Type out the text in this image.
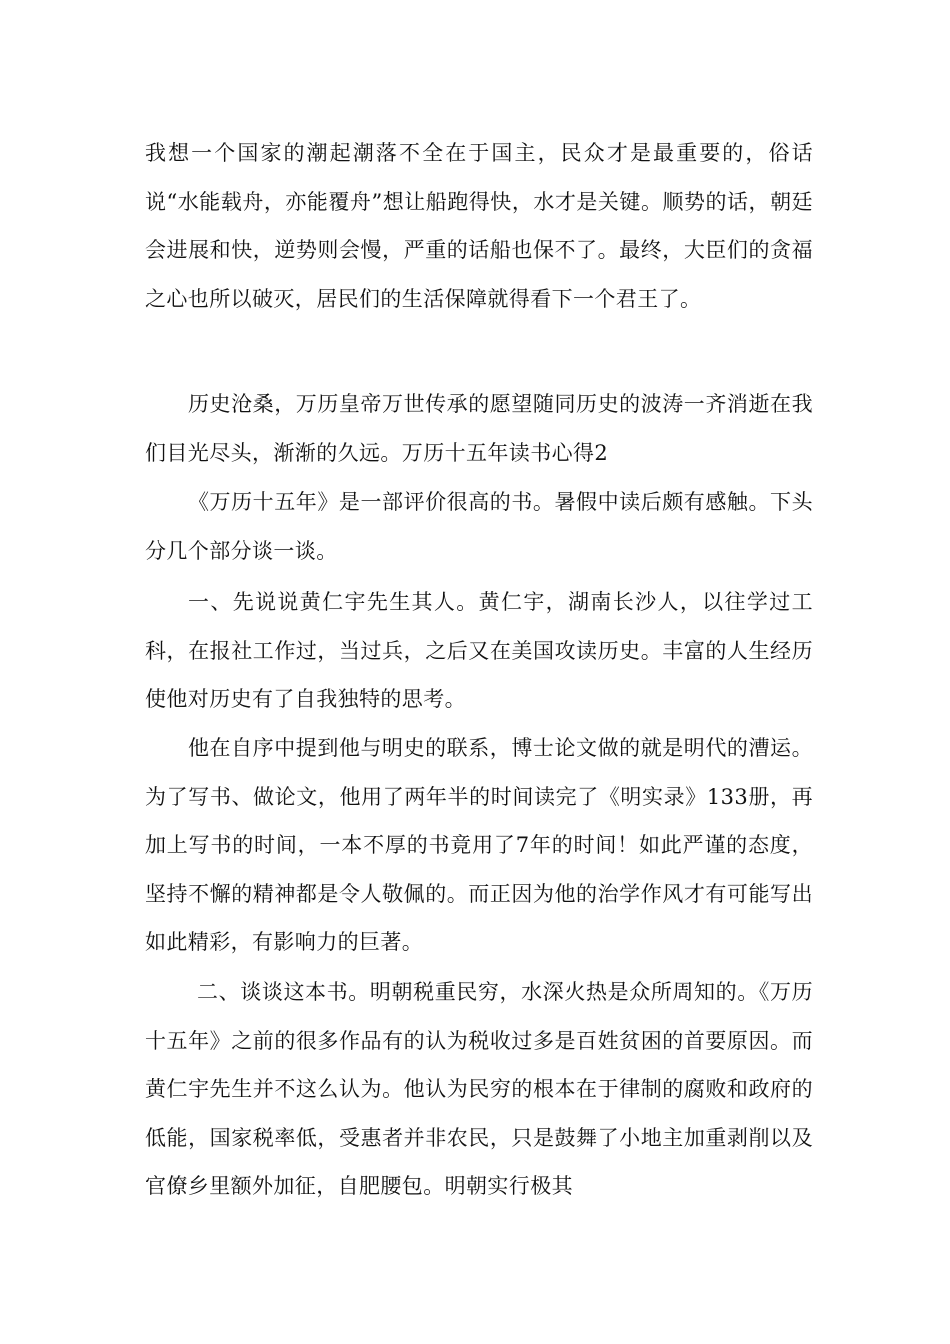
我想一个国家的潮起潮落不全在于国主，民众才是最重要的，俗话说“水能载舟，亦能覆舟”想让船跑得快，水才是关键。顺势的话，朝廷会进展和快，逆势则会慢，严重的话船也保不了。最终，大臣们的贪福之心也所以破灭，居民们的生活保障就得看下一个君王了。

历史沧桑，万历皇帝万世传承的愿望随同历史的波涛一齐消逝在我们目光尽头，渐渐的久远。万历十五年读书心得2

《万历十五年》是一部评价很高的书。暑假中读后颇有感触。下头分几个部分谈一谈。

一、先说说黄仁宇先生其人。黄仁宇，湖南长沙人，以往学过工科，在报社工作过，当过兵，之后又在美国攻读历史。丰富的人生经历使他对历史有了自我独特的思考。

他在自序中提到他与明史的联系，博士论文做的就是明代的漕运。为了写书、做论文，他用了两年半的时间读完了《明实录》133册，再加上写书的时间，一本不厚的书竟用了7年的时间！如此严谨的态度，坚持不懈的精神都是令人敬佩的。而正因为他的治学作风才有可能写出如此精彩，有影响力的巨著。

二、谈谈这本书。明朝税重民穷，水深火热是众所周知的。《万历十五年》之前的很多作品有的认为税收过多是百姓贫困的首要原因。而黄仁宇先生并不这么认为。他认为民穷的根本在于律制的腐败和政府的低能，国家税率低，受惠者并非农民，只是鼓舞了小地主加重剥削以及官僚乡里额外加征，自肥腰包。明朝实行极其
